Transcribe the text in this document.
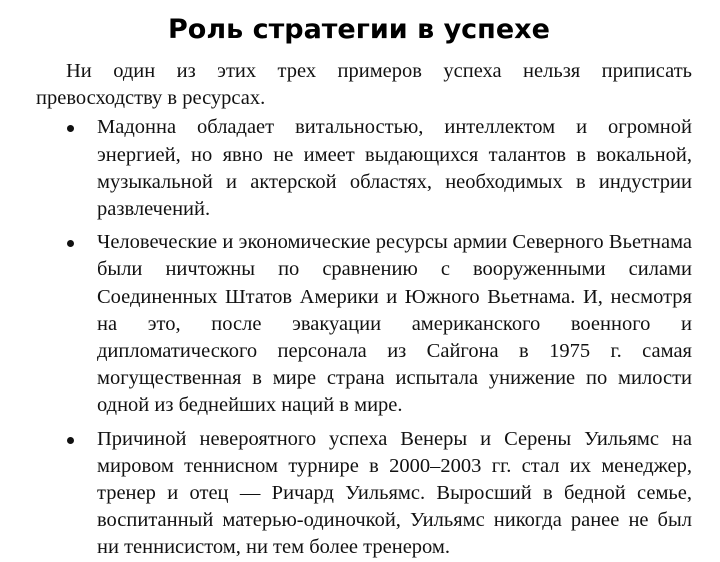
Роль стратегии в успехе

Ни один из этих трех примеров успеха нельзя приписать превосходству в ресурсах.

Мадонна обладает витальностью, интеллектом и огромной энергией, но явно не имеет выдающихся талантов в вокальной, музыкальной и актерской областях, необходимых в индустрии развлечений.
Человеческие и экономические ресурсы армии Северного Вьетнама были ничтожны по сравнению с вооруженными силами Соединенных Штатов Америки и Южного Вьетнама. И, несмотря на это, после эвакуации американского военного и дипломатического персонала из Сайгона в 1975 г. самая могущественная в мире страна испытала унижение по милости одной из беднейших наций в мире.
Причиной невероятного успеха Венеры и Серены Уильямс на мировом теннисном турнире в 2000–2003 гг. стал их менеджер, тренер и отец — Ричард Уильямс. Выросший в бедной семье, воспитанный матерью-одиночкой, Уильямс никогда ранее не был ни теннисистом, ни тем более тренером.
